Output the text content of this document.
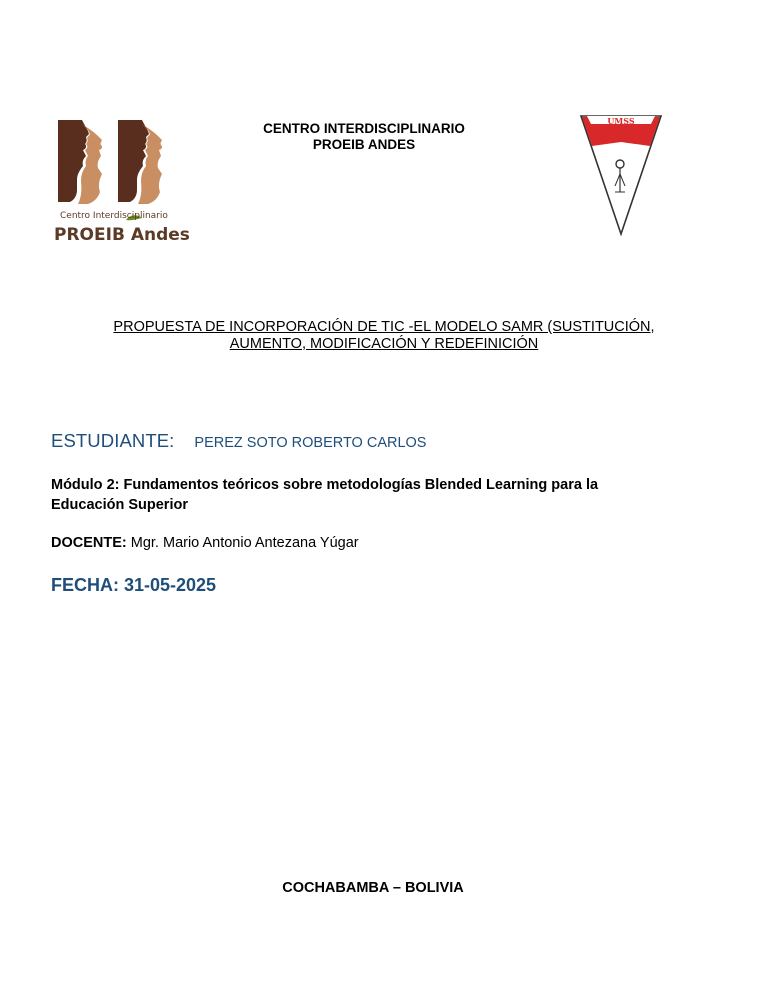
Centro Interdisciplinario
PROEIB Andes
CENTRO INTERDISCIPLINARIO
PROEIB ANDES
UMSS
PROPUESTA DE INCORPORACIÓN DE TIC -EL MODELO SAMR (SUSTITUCIÓN,
AUMENTO, MODIFICACIÓN Y REDEFINICIÓN
ESTUDIANTE: PEREZ SOTO ROBERTO CARLOS
Módulo 2: Fundamentos teóricos sobre metodologías Blended Learning para la
Educación Superior
DOCENTE: Mgr. Mario Antonio Antezana Yúgar
FECHA: 31-05-2025
COCHABAMBA – BOLIVIA
